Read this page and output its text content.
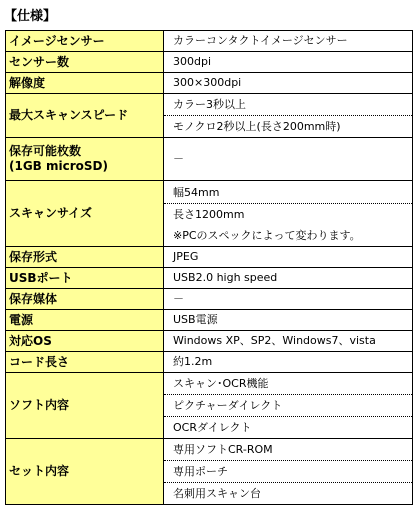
【仕様】
イメージセンサー	カラーコンタクトイメージセンサー

センサー数	300dpi

解像度	300×300dpi

最大スキャンスピード	カラー3秒以上
モノクロ2秒以上(長さ200mm時)

保存可能枚数
(1GB microSD)	－

スキャンサイズ	幅54mm
長さ1200mm
※PCのスペックによって変わります。

保存形式	JPEG

USBポート	USB2.0 high speed

保存媒体	－

電源	USB電源

対応OS	Windows XP、SP2、Windows7、vista

コード長さ	約1.2m

ソフト内容	スキャン･OCR機能
ピクチャーダイレクト
OCRダイレクト

セット内容	専用ソフトCR-ROM
専用ポーチ
名刺用スキャン台
